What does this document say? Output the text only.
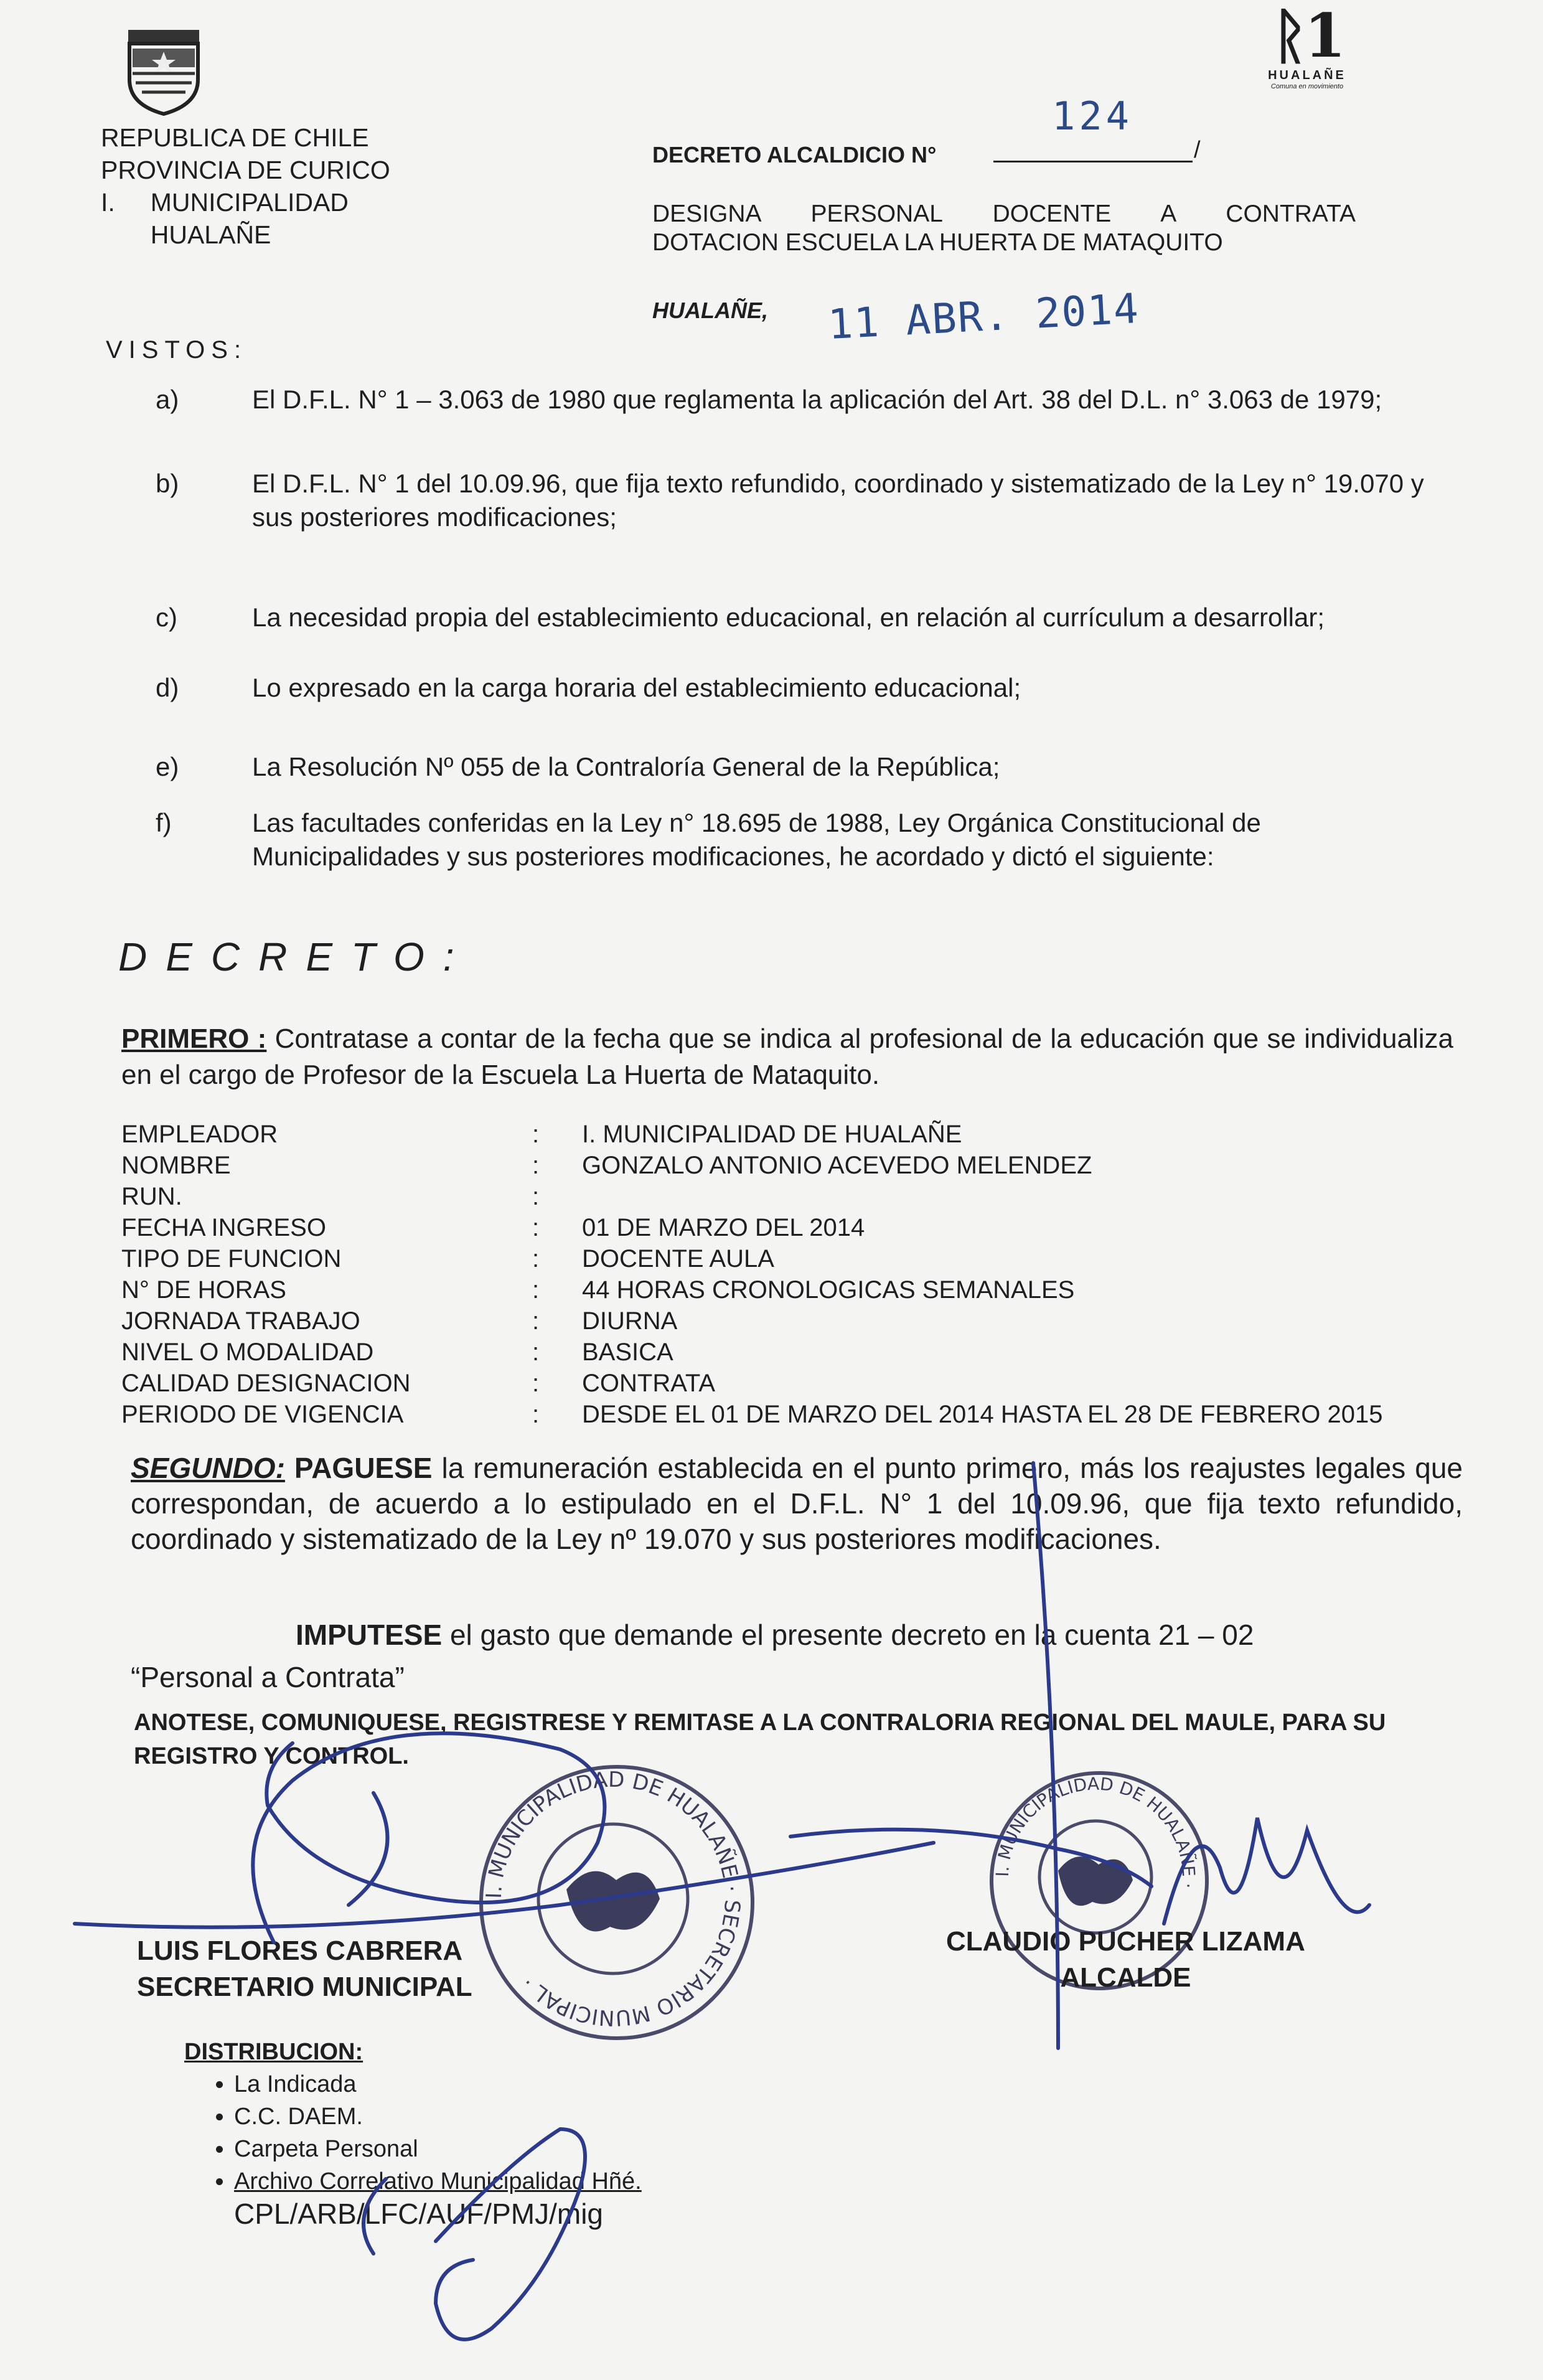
REPUBLICA DE CHILE
PROVINCIA DE CURICO
I.     MUNICIPALIDAD
HUALAÑE
ᚱ1
HUALAÑE
Comuna en movimiento
DECRETO ALCALDICIO N°	/
124
DESIGNA PERSONAL DOCENTE A CONTRATA
DOTACION ESCUELA LA HUERTA DE MATAQUITO
HUALAÑE, 11 ABR. 2014
VISTOS:
a)	El D.F.L. N° 1 – 3.063 de 1980 que reglamenta la aplicación del Art. 38 del D.L. n° 3.063 de 1979;
b)	El D.F.L. N° 1 del 10.09.96, que fija texto refundido, coordinado y sistematizado de la Ley n° 19.070 y sus posteriores modificaciones;
c)	La necesidad propia del establecimiento educacional, en relación al currículum a desarrollar;
d)	Lo expresado en la carga horaria del establecimiento educacional;
e)	La Resolución Nº 055 de la Contraloría General de la República;
f)	Las facultades conferidas en la Ley n° 18.695 de 1988, Ley Orgánica Constitucional de Municipalidades y sus posteriores modificaciones, he acordado y dictó el siguiente:
DECRETO:
PRIMERO : Contratase a contar de la fecha que se indica al profesional de la educación que se individualiza en el cargo de Profesor de la Escuela La Huerta de Mataquito.
EMPLEADOR	: I. MUNICIPALIDAD DE HUALAÑE
NOMBRE	: GONZALO ANTONIO ACEVEDO MELENDEZ
RUN.	:
FECHA INGRESO	: 01 DE MARZO DEL 2014
TIPO DE FUNCION	: DOCENTE AULA
N° DE HORAS	: 44 HORAS CRONOLOGICAS SEMANALES
JORNADA TRABAJO	: DIURNA
NIVEL O MODALIDAD	: BASICA
CALIDAD DESIGNACION	: CONTRATA
PERIODO DE VIGENCIA	: DESDE EL 01 DE MARZO DEL 2014 HASTA EL 28 DE FEBRERO 2015
SEGUNDO: PAGUESE la remuneración establecida en el punto primero, más los reajustes legales que correspondan, de acuerdo a lo estipulado en el D.F.L. N° 1 del 10.09.96, que fija texto refundido, coordinado y sistematizado de la Ley nº 19.070 y sus posteriores modificaciones.
IMPUTESE el gasto que demande el presente decreto en la cuenta 21 – 02
“Personal a Contrata”
ANOTESE, COMUNIQUESE, REGISTRESE Y REMITASE A LA CONTRALORIA REGIONAL DEL MAULE, PARA SU REGISTRO Y CONTROL.
I. MUNICIPALIDAD DE HUALAÑE · SECRETARIO MUNICIPAL ·
I. MUNICIPALIDAD DE HUALAÑE ·
LUIS FLORES CABRERA
SECRETARIO MUNICIPAL
CLAUDIO PUCHER LIZAMA
ALCALDE
DISTRIBUCION:
• La Indicada
• C.C. DAEM.
• Carpeta Personal
• Archivo Correlativo Municipalidad Hñé.
CPL/ARB/LFC/AUF/PMJ/mig
